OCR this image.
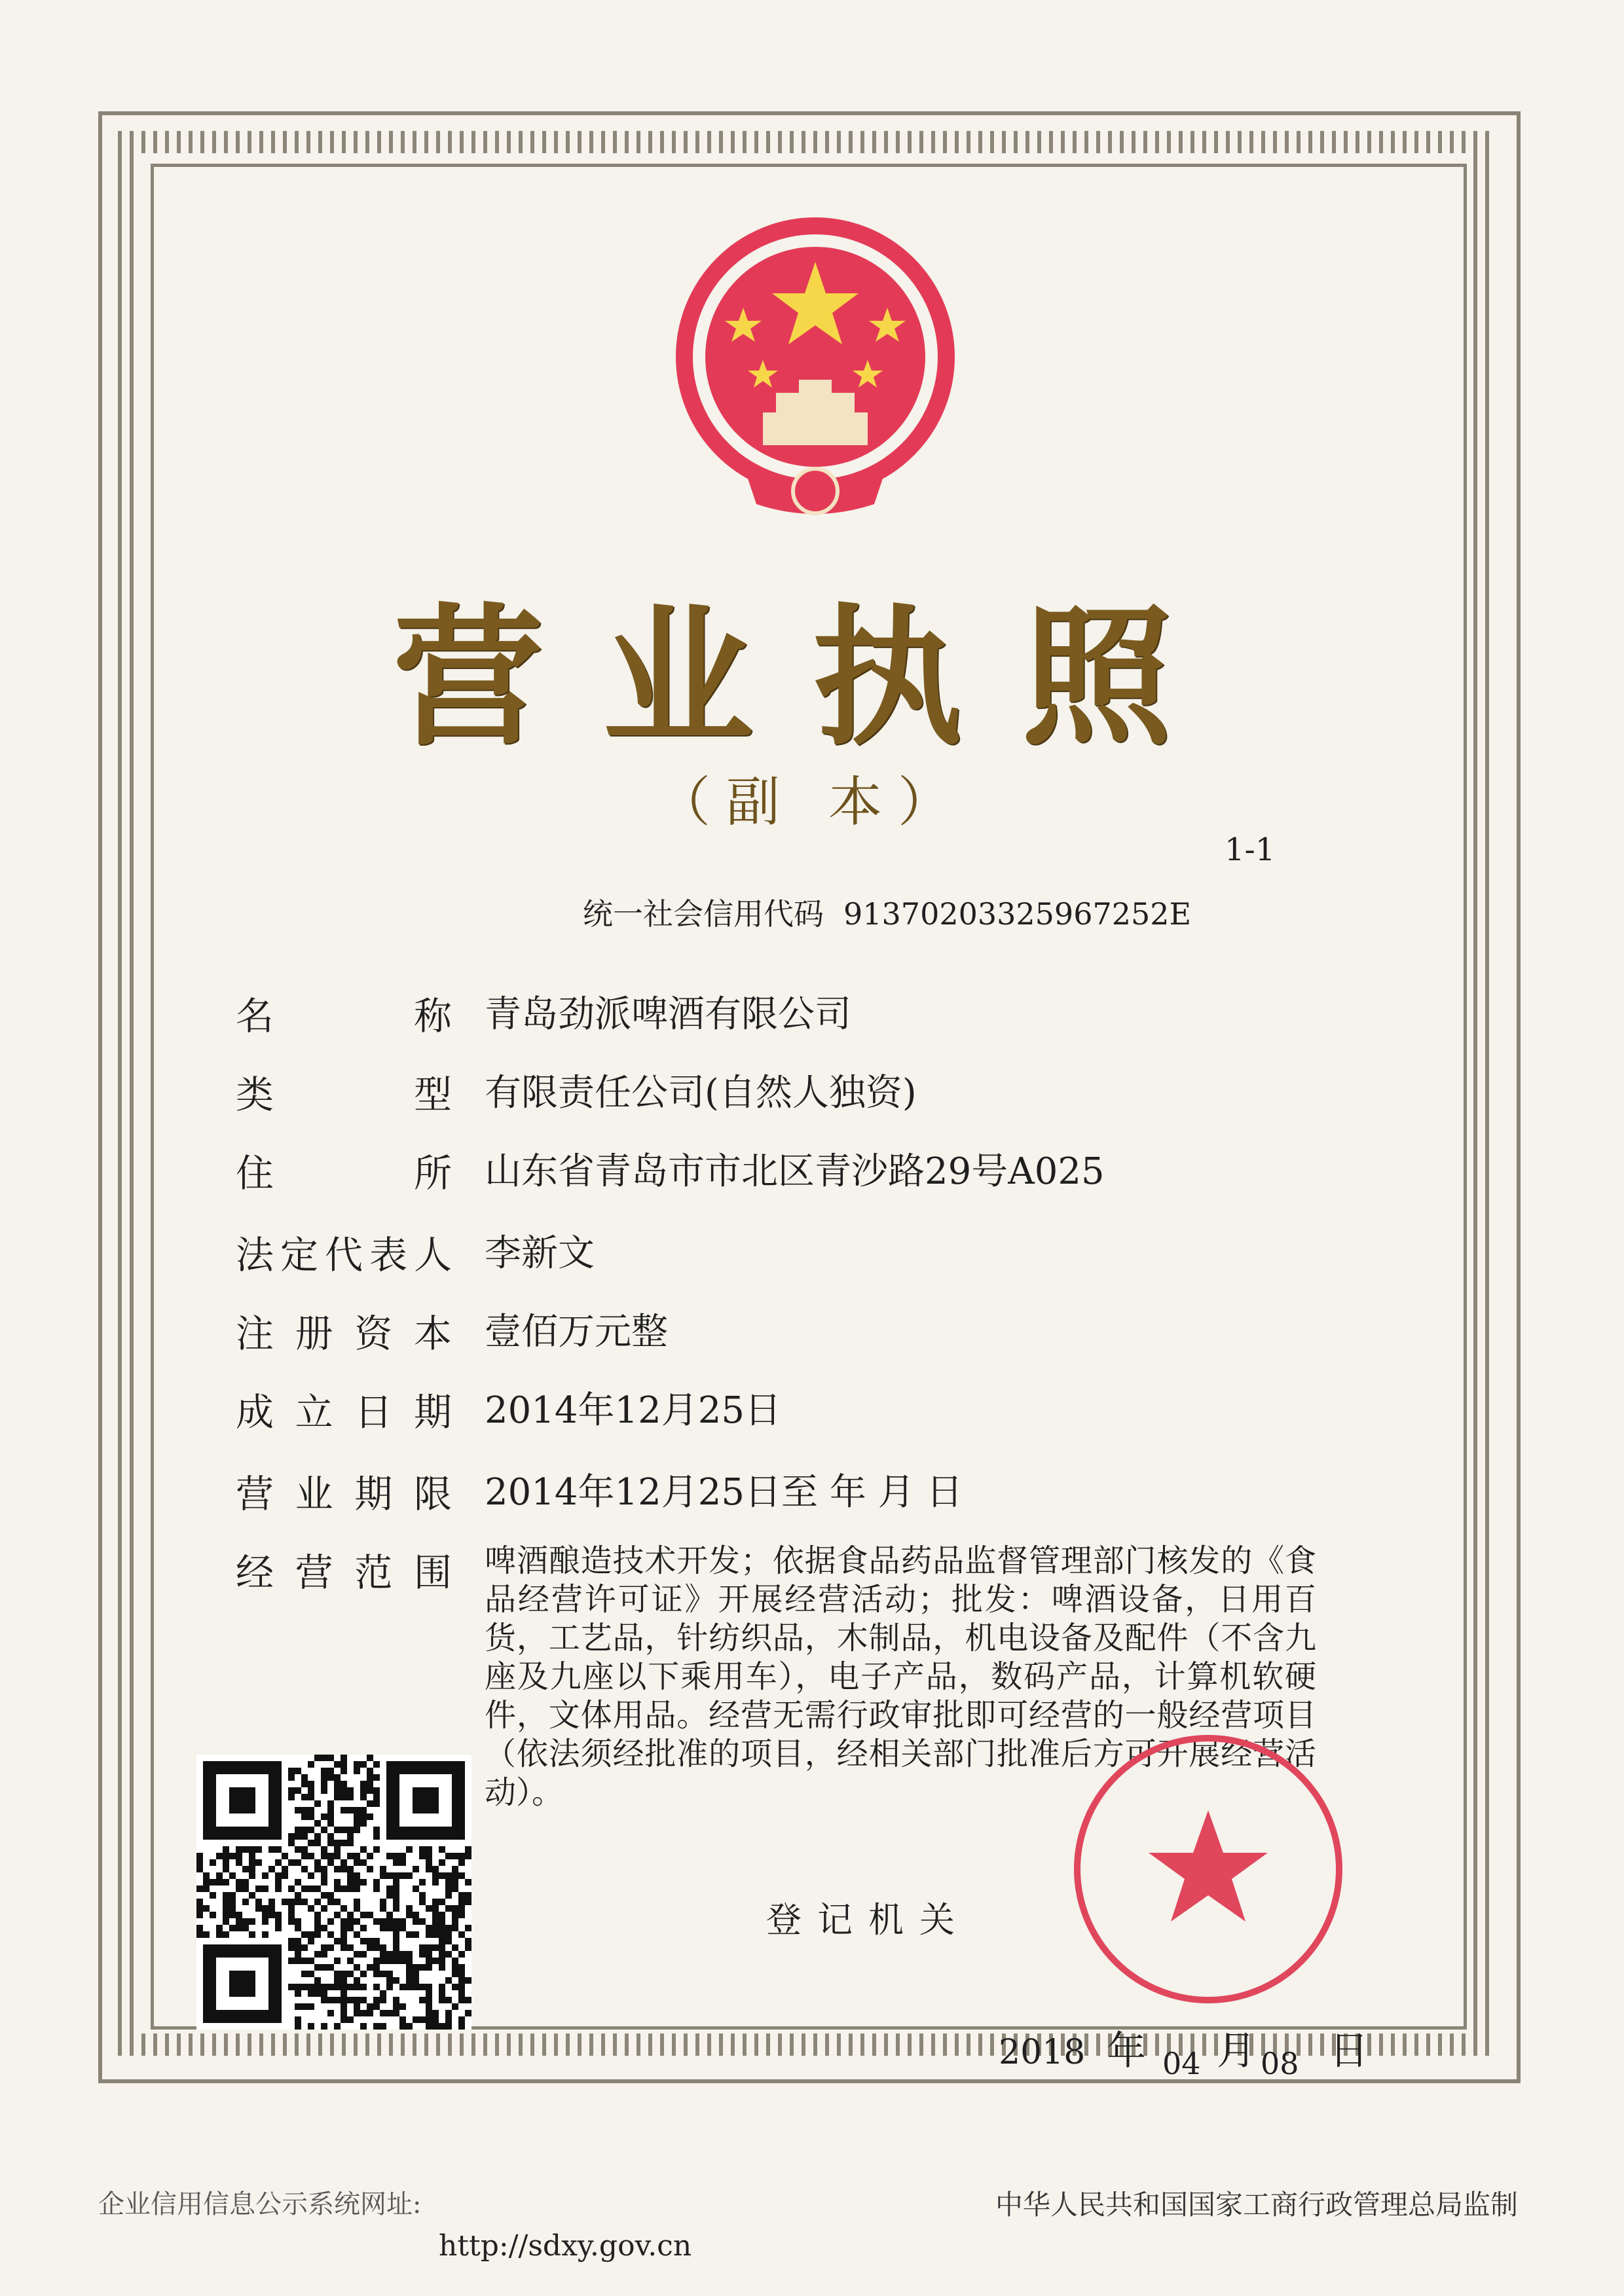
营业执照
（副 本）
1-1
统一社会信用代码 91370203325967252E
名	称 青岛劲派啤酒有限公司
类	型 有限责任公司(自然人独资)
住	所 山东省青岛市市北区青沙路29号A025
法 定 代 表 人 李新文
注 册 资 本 壹佰万元整
成 立 日 期 2014年12月25日
营 业 期 限 2014年12月25日至 年 月 日
经 营 范 围 啤酒酿造技术开发；依据食品药品监督管理部门核发的《食品经营许可证》开展经营活动；批发：啤酒设备，日用百货，工艺品，针纺织品，木制品，机电设备及配件（不含九座及九座以下乘用车），电子产品，数码产品，计算机软硬件，文体用品。经营无需行政审批即可经营的一般经营项目（依法须经批准的项目，经相关部门批准后方可开展经营活动）。
登记机关
2018 年 04 月 08 日
企业信用信息公示系统网址:
http://sdxy.gov.cn
中华人民共和国国家工商行政管理总局监制
